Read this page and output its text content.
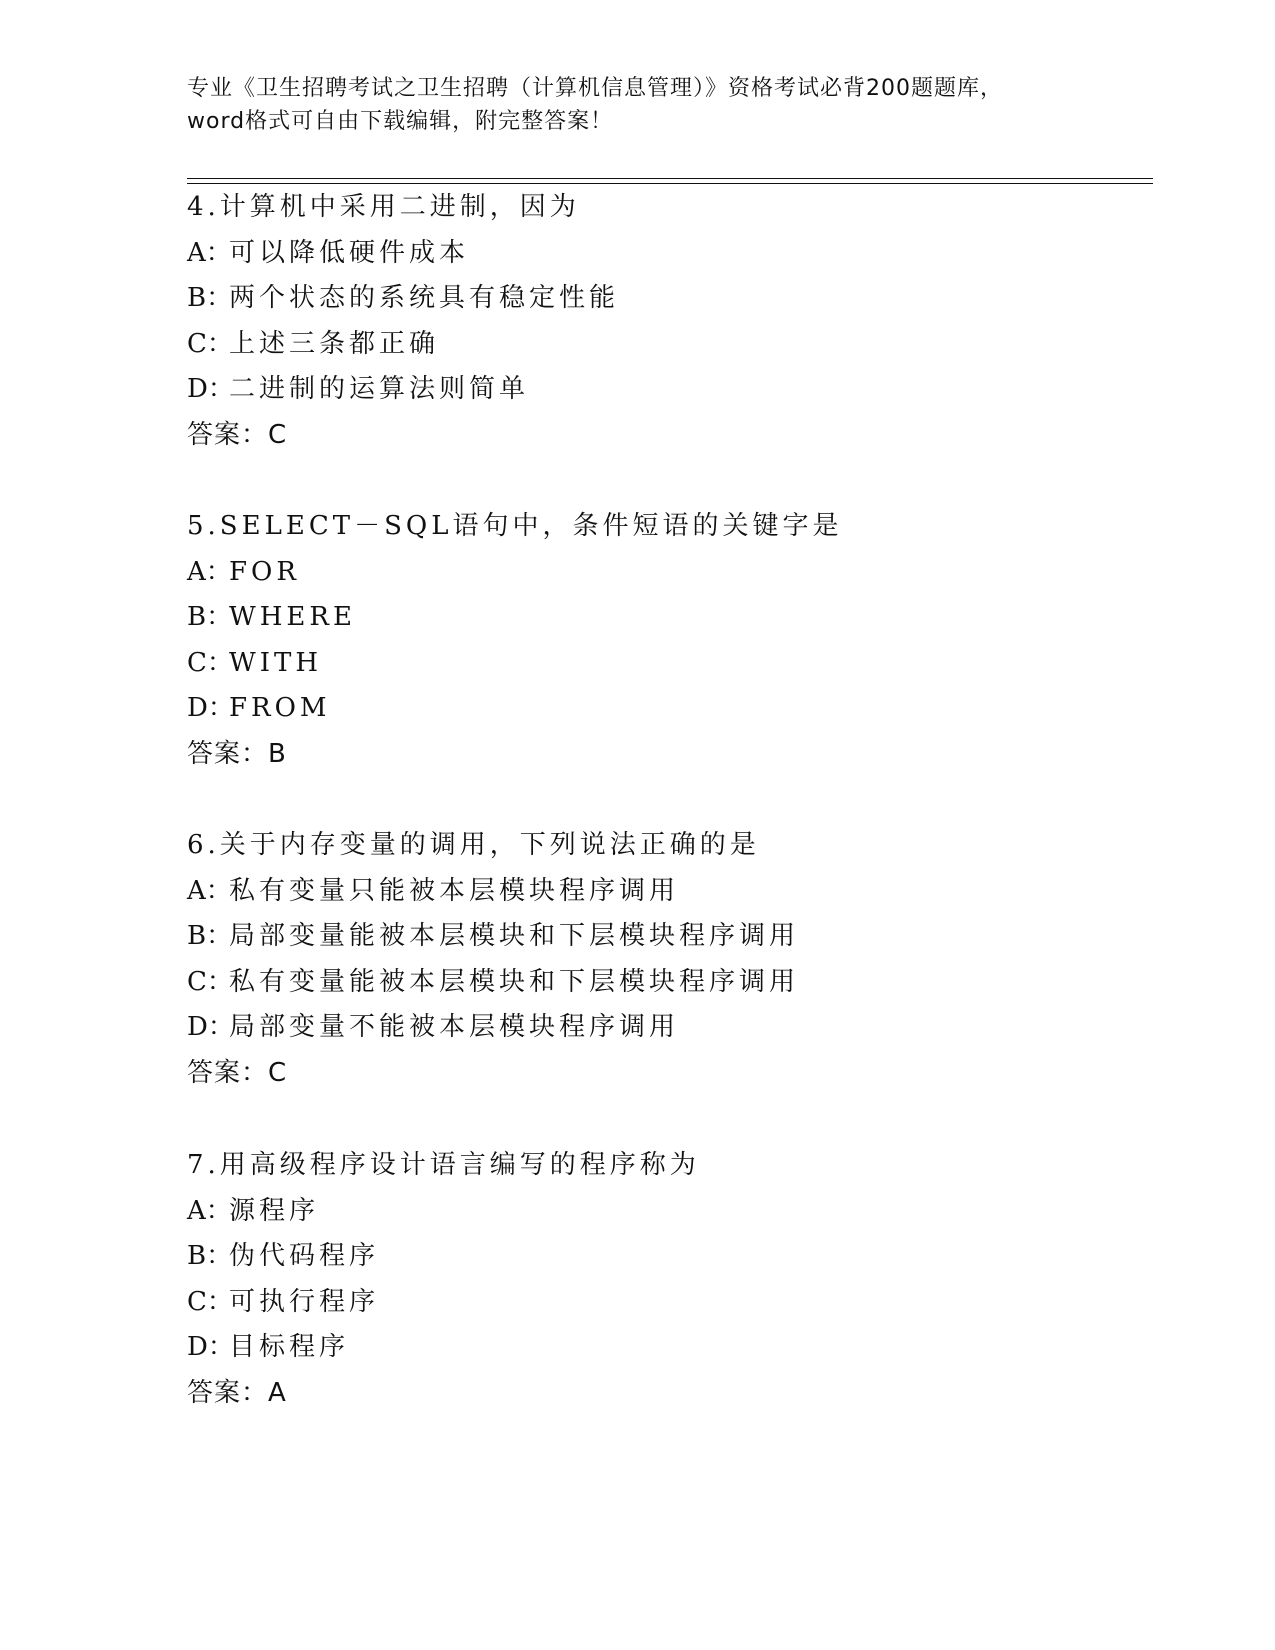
专业《卫生招聘考试之卫生招聘（计算机信息管理）》资格考试必背200题题库，
word格式可自由下载编辑，附完整答案！
4.计算机中采用二进制，因为
A：可以降低硬件成本
B：两个状态的系统具有稳定性能
C：上述三条都正确
D：二进制的运算法则简单
答案：C
5.SELECT－SQL语句中，条件短语的关键字是
A：FOR
B：WHERE
C：WITH
D：FROM
答案：B
6.关于内存变量的调用，下列说法正确的是
A：私有变量只能被本层模块程序调用
B：局部变量能被本层模块和下层模块程序调用
C：私有变量能被本层模块和下层模块程序调用
D：局部变量不能被本层模块程序调用
答案：C
7.用高级程序设计语言编写的程序称为
A：源程序
B：伪代码程序
C：可执行程序
D：目标程序
答案：A
